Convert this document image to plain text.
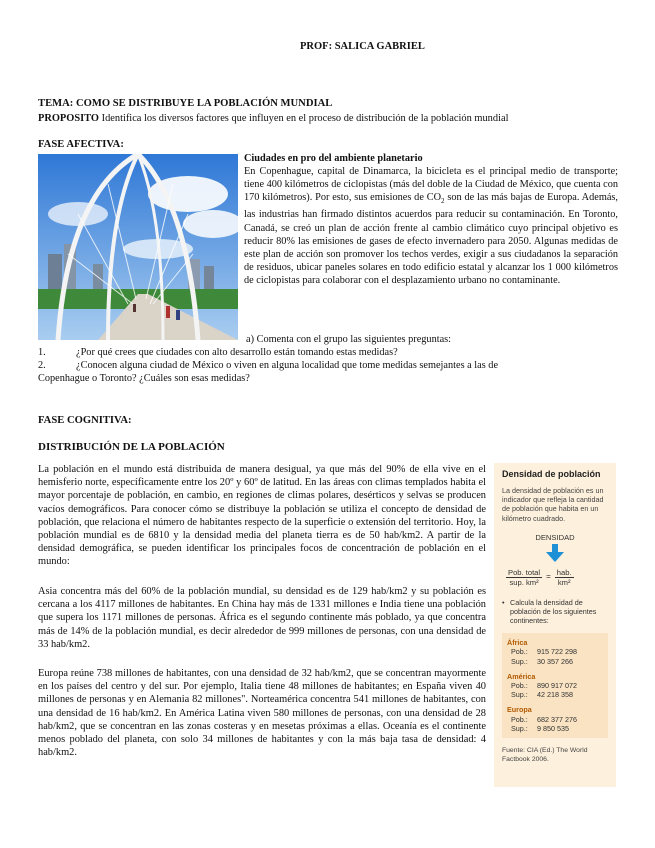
PROF: SALICA GABRIEL
TEMA: COMO SE DISTRIBUYE LA POBLACIÓN MUNDIAL
PROPOSITO Identifica los diversos factores que influyen en el proceso de distribución de la población mundial
FASE AFECTIVA:
Ciudades en pro del ambiente planetario
En Copenhague, capital de Dinamarca, la bicicleta es el principal medio de transporte; tiene 400 kilómetros de ciclopistas (más del doble de la Ciudad de México, que cuenta con 170 kilómetros). Por esto, sus emisiones de $CO_2$ son de las más bajas de Europa. Además, las industrias han firmado distintos acuerdos para reducir su contaminación. En Toronto, Canadá, se creó un plan de acción frente al cambio climático cuyo principal objetivo es reducir 80% las emisiones de gases de efecto invernadero para 2050. Algunas medidas de este plan de acción son promover los techos verdes, exigir a sus ciudadanos la separación de residuos, ubicar paneles solares en todo edificio estatal y alcanzar los 1 000 kilómetros de ciclopistas para colaborar con el desplazamiento urbano no contaminante.
a) Comenta con el grupo las siguientes preguntas:
1.	¿Por qué crees que ciudades con alto desarrollo están tomando estas medidas?
2.	¿Conocen alguna ciudad de México o viven en alguna localidad que tome medidas semejantes a las de
Copenhague o Toronto? ¿Cuáles son esas medidas?
FASE COGNITIVA:
DISTRIBUCIÓN DE LA POBLACIÓN
La población en el mundo está distribuida de manera desigual, ya que más del 90% de ella vive en el hemisferio norte, específicamente entre los 20º y 60º de latitud. En las áreas con climas templados habita el mayor porcentaje de población, en cambio, en regiones de climas polares, desérticos y selvas se producen vacíos demográficos. Para conocer cómo se distribuye la población se utiliza el concepto de densidad de población, que relaciona el número de habitantes respecto de la superficie o extensión del territorio. Hoy, la población mundial es de 6810 y la densidad media del planeta tierra es de 50 hab/km2. A partir de la densidad demográfica, se pueden identificar los principales focos de concentración de población en el mundo:
Asia concentra más del 60% de la población mundial, su densidad es de 129 hab/km2 y su población es cercana a los 4117 millones de habitantes. En China hay más de 1331 millones e India tiene una población que supera los 1171 millones de personas. África es el segundo continente más poblado, ya que concentra más de 14% de la población mundial, es decir alrededor de 999 millones de personas, con una densidad de 33 hab/km2.
Europa reúne 738 millones de habitantes, con una densidad de 32 hab/km2, que se concentran mayormente en los países del centro y del sur. Por ejemplo, Italia tiene 48 millones de habitantes; en España viven 40 millones de personas y en Alemania 82 millones". Norteamérica concentra 541 millones de habitantes, con una densidad de 16 hab/km2. En América Latina viven 580 millones de personas, con una densidad de 28 hab/km2, que se concentran en las zonas costeras y en mesetas próximas a ellas. Oceanía es el continente menos poblado del planeta, con solo 34 millones de habitantes y con la más baja tasa de densidad: 4 hab/km2.
Densidad de población
La densidad de población es un indicador que refleja la cantidad de población que habita en un kilómetro cuadrado.
DENSIDAD
$\frac{\text{Pob. total}}{\text{sup. km²}} = \frac{\text{hab.}}{\text{km²}}$
• Calcula la densidad de población de los siguientes continentes:
África
Pob.:	915 722 298
Sup.:	30 357 266
América
Pob.:	890 917 072
Sup.:	42 218 358
Europa
Pob.:	682 377 276
Sup.:	9 850 535
Fuente: CIA (Ed.) The World Factbook 2006.
